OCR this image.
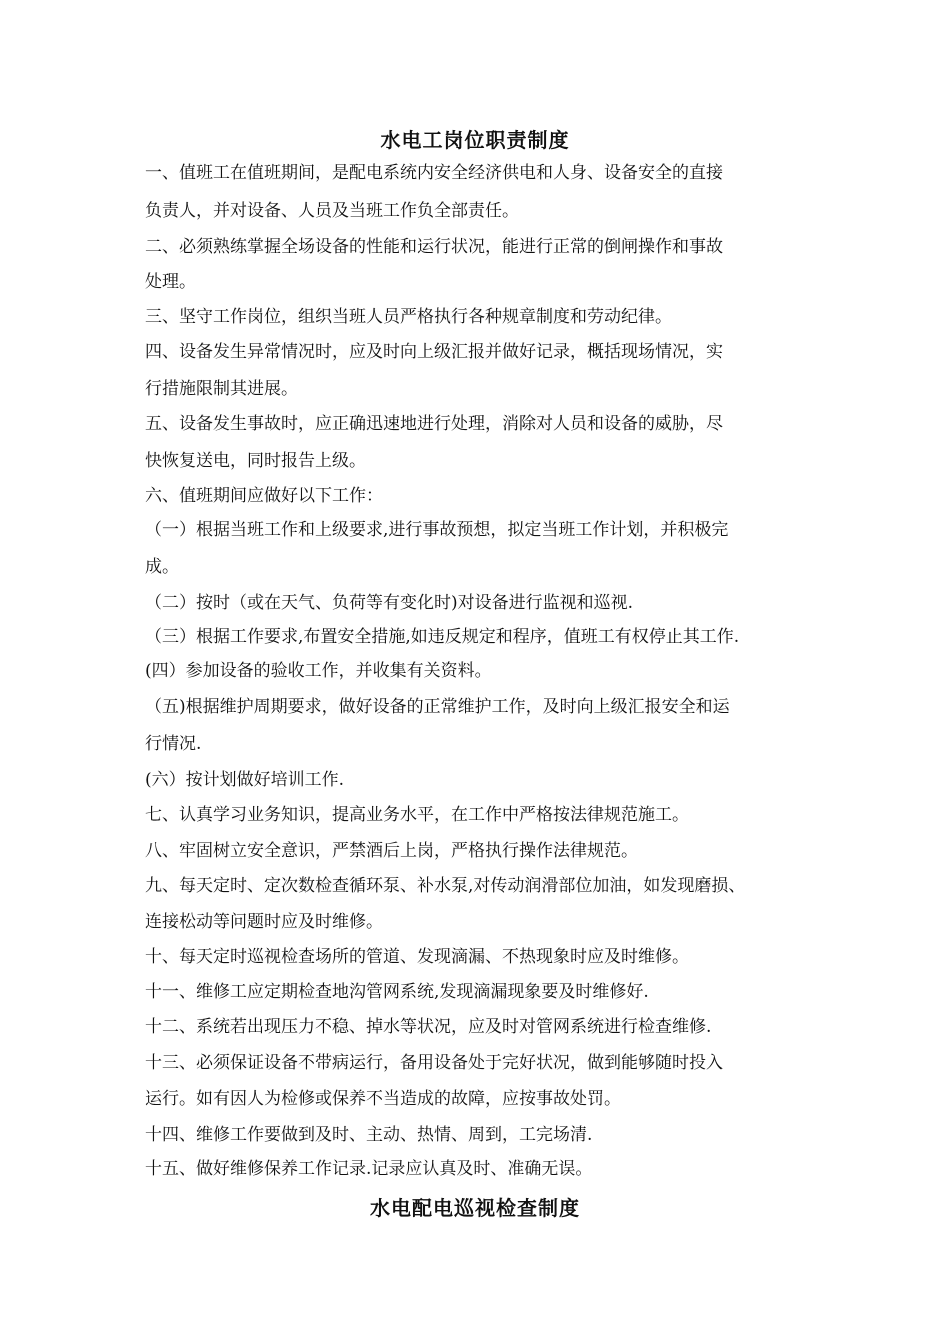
水电工岗位职责制度
一、值班工在值班期间，是配电系统内安全经济供电和人身、设备安全的直接
负责人，并对设备、人员及当班工作负全部责任。
二、必须熟练掌握全场设备的性能和运行状况，能进行正常的倒闸操作和事故
处理。
三、坚守工作岗位，组织当班人员严格执行各种规章制度和劳动纪律。
四、设备发生异常情况时，应及时向上级汇报并做好记录，概括现场情况，实
行措施限制其进展。
五、设备发生事故时，应正确迅速地进行处理，消除对人员和设备的威胁，尽
快恢复送电，同时报告上级。
六、值班期间应做好以下工作：
（一）根据当班工作和上级要求,进行事故预想，拟定当班工作计划，并积极完
成。
（二）按时（或在天气、负荷等有变化时)对设备进行监视和巡视.
（三）根据工作要求,布置安全措施,如违反规定和程序，值班工有权停止其工作.
(四）参加设备的验收工作，并收集有关资料。
（五)根据维护周期要求，做好设备的正常维护工作，及时向上级汇报安全和运
行情况.
(六）按计划做好培训工作.
七、认真学习业务知识，提高业务水平，在工作中严格按法律规范施工。
八、牢固树立安全意识，严禁酒后上岗，严格执行操作法律规范。
九、每天定时、定次数检查循环泵、补水泵,对传动润滑部位加油，如发现磨损、
连接松动等问题时应及时维修。
十、每天定时巡视检查场所的管道、发现滴漏、不热现象时应及时维修。
十一、维修工应定期检查地沟管网系统,发现滴漏现象要及时维修好.
十二、系统若出现压力不稳、掉水等状况，应及时对管网系统进行检查维修.
十三、必须保证设备不带病运行，备用设备处于完好状况，做到能够随时投入
运行。如有因人为检修或保养不当造成的故障，应按事故处罚。
十四、维修工作要做到及时、主动、热情、周到，工完场清.
十五、做好维修保养工作记录.记录应认真及时、准确无误。
水电配电巡视检查制度
